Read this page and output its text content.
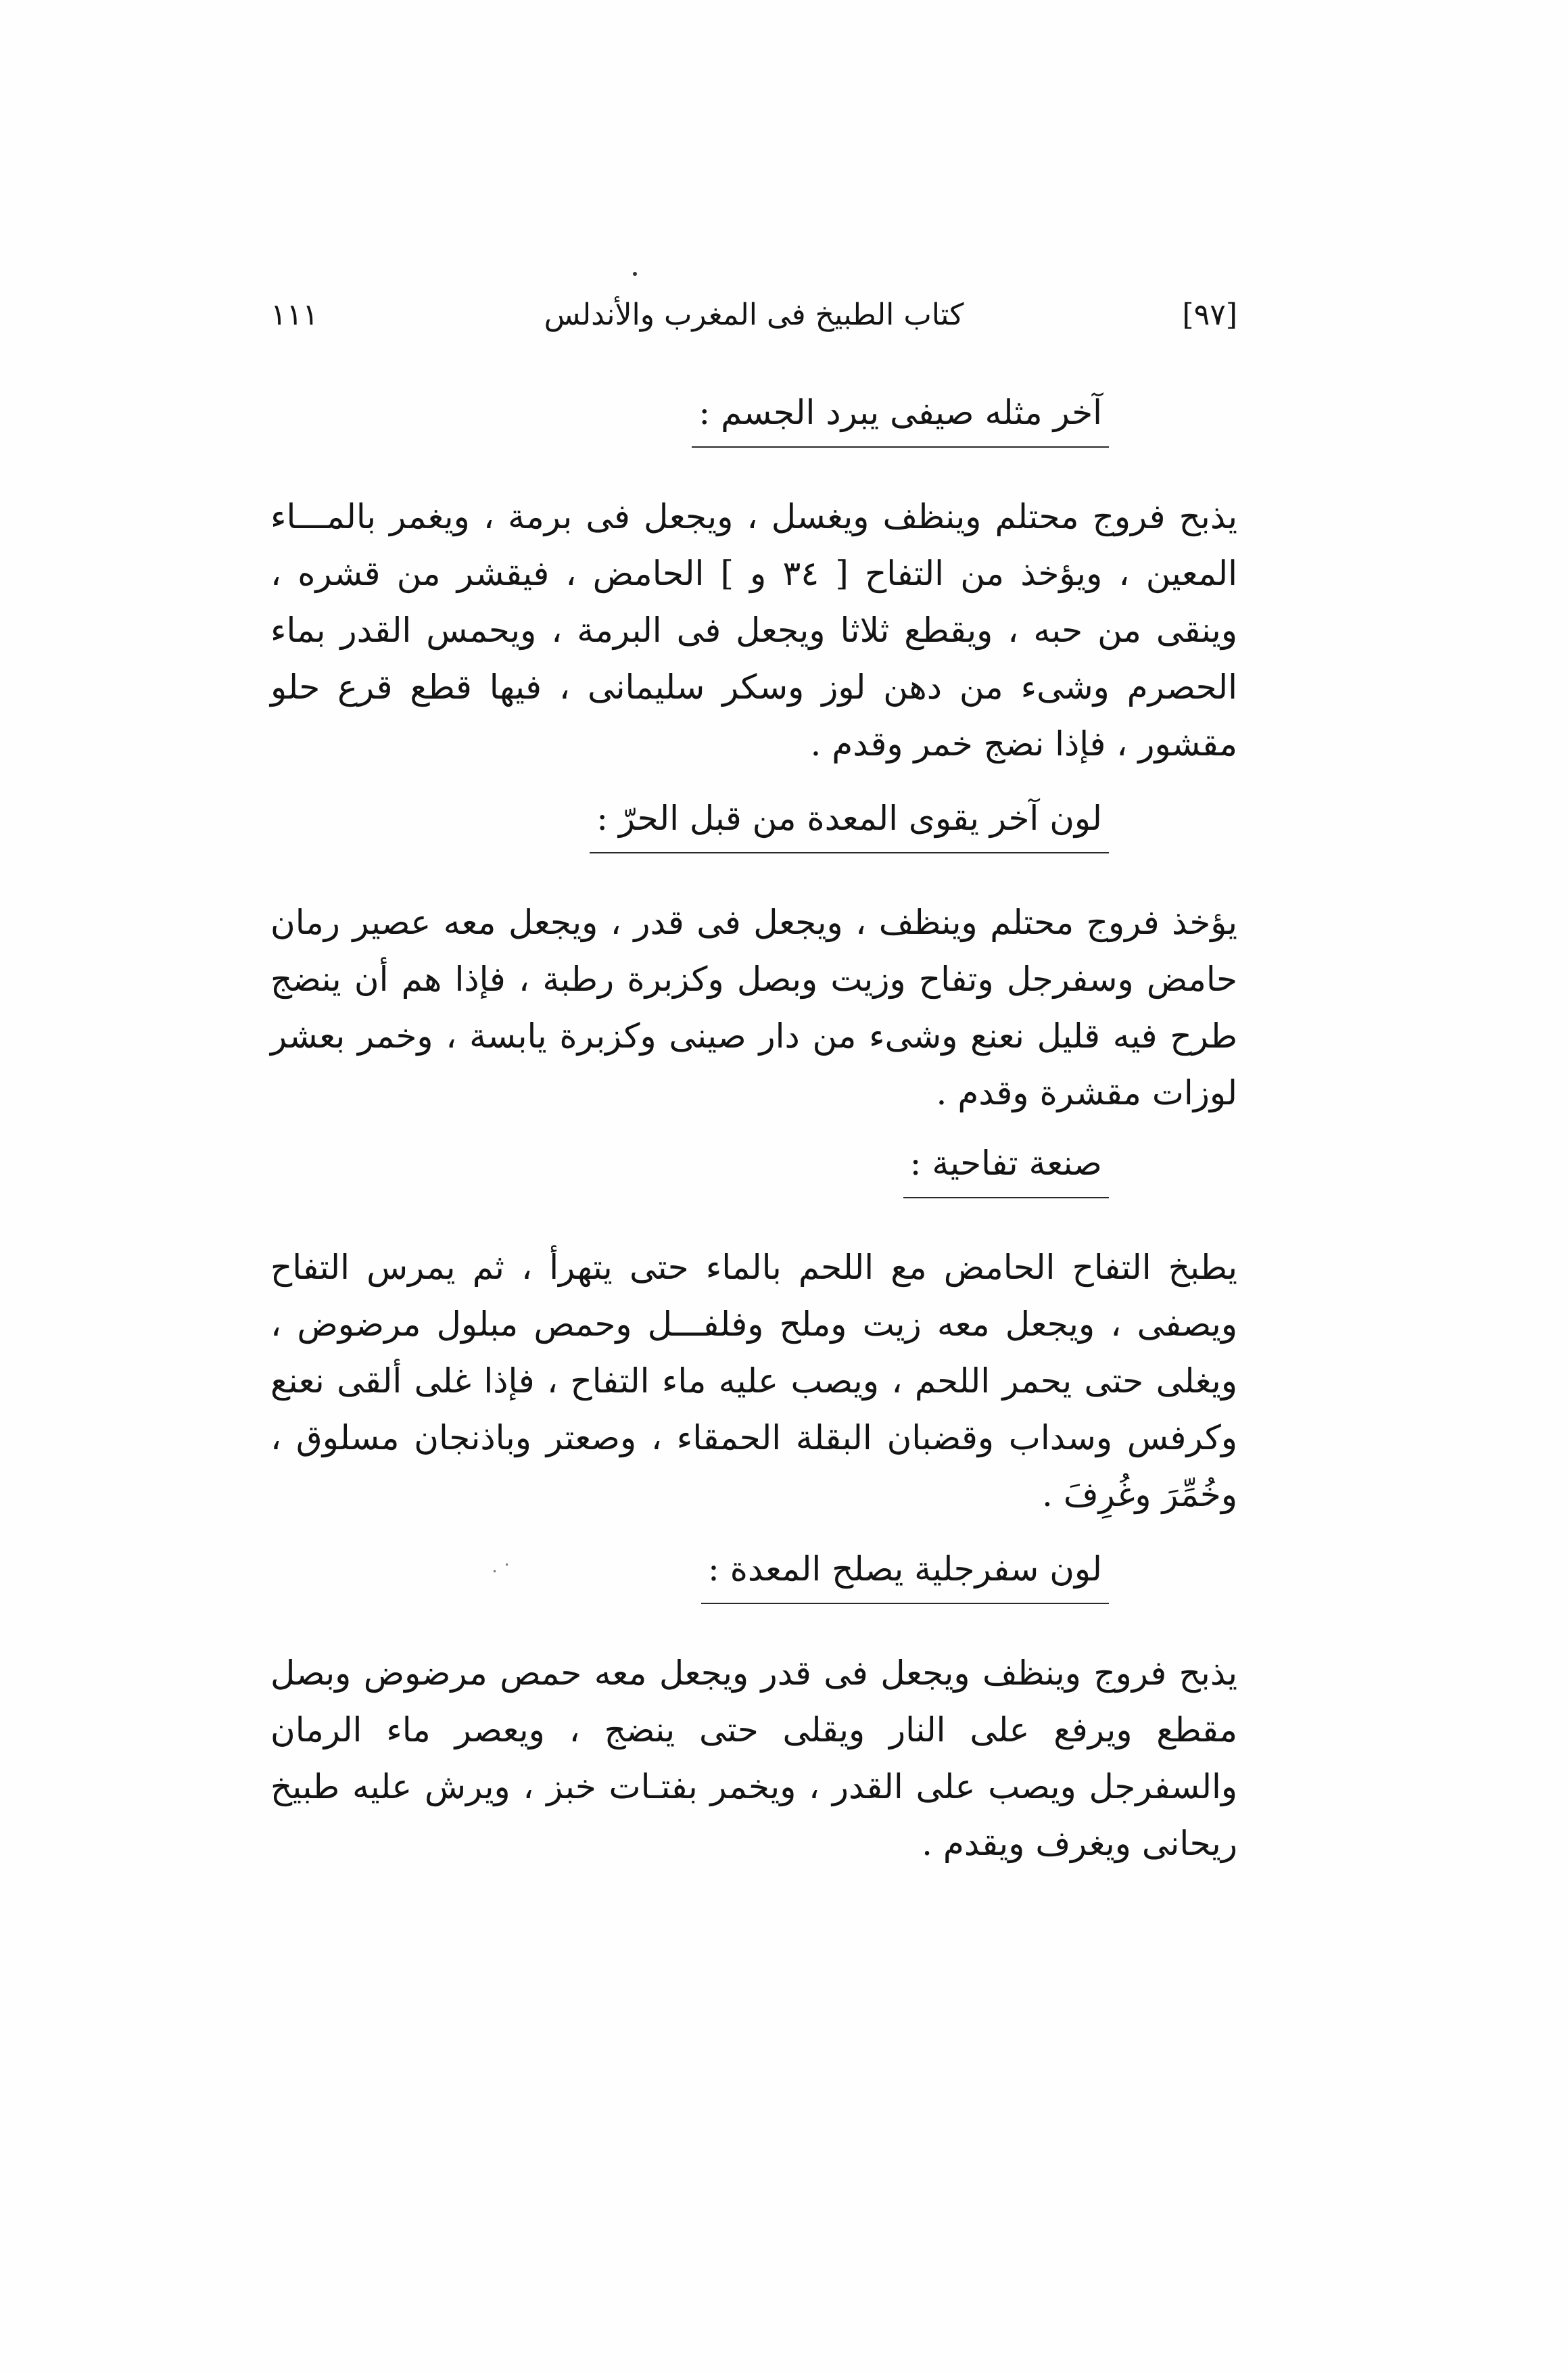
[٩٧]
كتاب الطبيخ فى المغرب والأندلس
١١١
آخر مثله صيفى يبرد الجسم :

يذبح فروج محتلم وينظف ويغسل ، ويجعل فى برمة ، ويغمر بالمـــاء المعين ، ويؤخذ من التفاح [ ٣٤ و ] الحامض ، فيقشر من قشره ، وينقى من حبه ، ويقطع ثلاثا ويجعل فى البرمة ، ويحمس القدر بماء الحصرم وشىء من دهن لوز وسكر سليمانى ، فيها قطع قرع حلو مقشور ، فإذا نضج خمر وقدم .

لون آخر يقوى المعدة من قبل الحرّ :

يؤخذ فروج محتلم وينظف ، ويجعل فى قدر ، ويجعل معه عصير رمان حامض وسفرجل وتفاح وزيت وبصل وكزبرة رطبة ، فإذا هم أن ينضج طرح فيه قليل نعنع وشىء من دار صينى وكزبرة يابسة ، وخمر بعشر لوزات مقشرة وقدم .

صنعة تفاحية :

يطبخ التفاح الحامض مع اللحم بالماء حتى يتهرأ ، ثم يمرس التفاح ويصفى ، ويجعل معه زيت وملح وفلفـــل وحمص مبلول مرضوض ، ويغلى حتى يحمر اللحم ، ويصب عليه ماء التفاح ، فإذا غلى ألقى نعنع وكرفس وسداب وقضبان البقلة الحمقاء ، وصعتر وباذنجان مسلوق ، وخُمِّرَ وغُرِفَ .

لون سفرجلية يصلح المعدة :

يذبح فروج وينظف ويجعل فى قدر ويجعل معه حمص مرضوض وبصل مقطع ويرفع على النار ويقلى حتى ينضج ، ويعصر ماء الرمان والسفرجل ويصب على القدر ، ويخمر بفتـات خبز ، ويرش عليه طبيخ ريحانى ويغرف ويقدم .
